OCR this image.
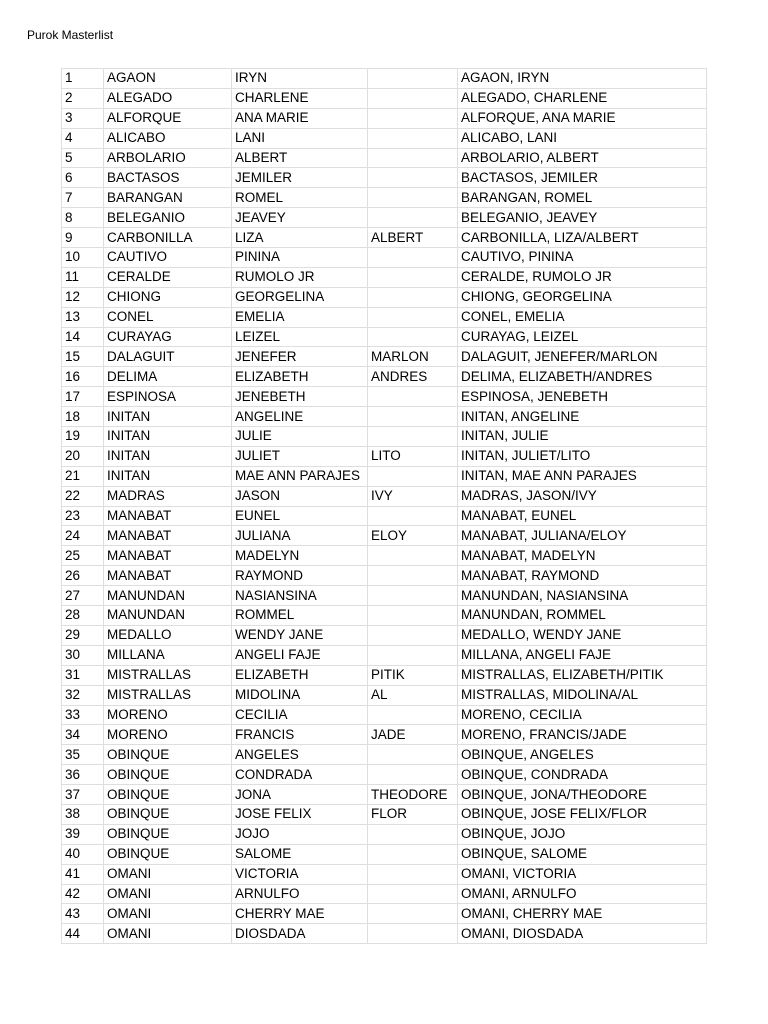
Purok Masterlist
1	AGAON	IRYN		AGAON, IRYN
2	ALEGADO	CHARLENE		ALEGADO, CHARLENE
3	ALFORQUE	ANA MARIE		ALFORQUE, ANA MARIE
4	ALICABO	LANI		ALICABO, LANI
5	ARBOLARIO	ALBERT		ARBOLARIO, ALBERT
6	BACTASOS	JEMILER		BACTASOS, JEMILER
7	BARANGAN	ROMEL		BARANGAN, ROMEL
8	BELEGANIO	JEAVEY		BELEGANIO, JEAVEY
9	CARBONILLA	LIZA	ALBERT	CARBONILLA, LIZA/ALBERT
10	CAUTIVO	PININA		CAUTIVO, PININA
11	CERALDE	RUMOLO JR		CERALDE, RUMOLO JR
12	CHIONG	GEORGELINA		CHIONG, GEORGELINA
13	CONEL	EMELIA		CONEL, EMELIA
14	CURAYAG	LEIZEL		CURAYAG, LEIZEL
15	DALAGUIT	JENEFER	MARLON	DALAGUIT, JENEFER/MARLON
16	DELIMA	ELIZABETH	ANDRES	DELIMA, ELIZABETH/ANDRES
17	ESPINOSA	JENEBETH		ESPINOSA, JENEBETH
18	INITAN	ANGELINE		INITAN, ANGELINE
19	INITAN	JULIE		INITAN, JULIE
20	INITAN	JULIET	LITO	INITAN, JULIET/LITO
21	INITAN	MAE ANN PARAJES		INITAN, MAE ANN PARAJES
22	MADRAS	JASON	IVY	MADRAS, JASON/IVY
23	MANABAT	EUNEL		MANABAT, EUNEL
24	MANABAT	JULIANA	ELOY	MANABAT, JULIANA/ELOY
25	MANABAT	MADELYN		MANABAT, MADELYN
26	MANABAT	RAYMOND		MANABAT, RAYMOND
27	MANUNDAN	NASIANSINA		MANUNDAN, NASIANSINA
28	MANUNDAN	ROMMEL		MANUNDAN, ROMMEL
29	MEDALLO	WENDY JANE		MEDALLO, WENDY JANE
30	MILLANA	ANGELI FAJE		MILLANA, ANGELI FAJE
31	MISTRALLAS	ELIZABETH	PITIK	MISTRALLAS, ELIZABETH/PITIK
32	MISTRALLAS	MIDOLINA	AL	MISTRALLAS, MIDOLINA/AL
33	MORENO	CECILIA		MORENO, CECILIA
34	MORENO	FRANCIS	JADE	MORENO, FRANCIS/JADE
35	OBINQUE	ANGELES		OBINQUE, ANGELES
36	OBINQUE	CONDRADA		OBINQUE, CONDRADA
37	OBINQUE	JONA	THEODORE	OBINQUE, JONA/THEODORE
38	OBINQUE	JOSE FELIX	FLOR	OBINQUE, JOSE FELIX/FLOR
39	OBINQUE	JOJO		OBINQUE, JOJO
40	OBINQUE	SALOME		OBINQUE, SALOME
41	OMANI	VICTORIA		OMANI, VICTORIA
42	OMANI	ARNULFO		OMANI, ARNULFO
43	OMANI	CHERRY MAE		OMANI, CHERRY MAE
44	OMANI	DIOSDADA		OMANI, DIOSDADA
